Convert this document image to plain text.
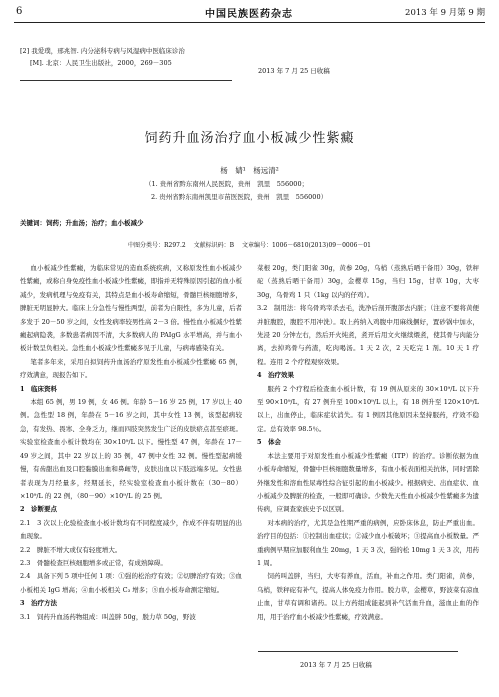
6	中国民族医药杂志	2013 年 9 月第 9 期
[2] 我爱璞，邢兆智. 内分泌科专病与风湿病中医临床诊治
[M]. 北京：人民卫生出版社，2000，269－305
2013 年 7 月 25 日收稿
饲药升血汤治疗血小板减少性紫癜
杨　婧¹　杨远清²
（1. 贵州省黔东南州人民医院，贵州　凯里　556000；
2. 贵州省黔东南州凯里市苗医医院，贵州　凯里　556000）
关键词：饲药；升血汤；治疗；血小板减少
中图分类号：R297.2 文献标识码：B 文章编号：1006－6810(2013)09－0006－01

血小板减少性紫癜，为临床常见的造血系统疾病，又称原发性血小板减少性紫癜，或称自身免疫性血小板减少性紫癜，即指并无特殊原因引起的血小板减少，发病机理与免疫有关，其特点是血小板寿命缩短，骨髓巨核细胞增多，脾脏无明显肿大。临床上分急性与慢性两型，前者为自限性，多为儿童，后者多发于 20－50 岁之间，女性发病率较男性高 2－3 倍。慢性血小板减少性紫癜起病隐袭，多数患者病因不清，大多数病人的 PAIgG 水平增高，并与血小板计数呈负相关。急性血小板减少性紫癜多见于儿童，与病毒感染有关。

笔者多年来，采用自拟饲药升血汤治疗原发性血小板减少性紫癜 65 例，疗效满意，现报告如下。

1　临床资料

本组 65 例，男 19 例，女 46 例。年龄 5－16 岁 25 例，17 岁以上 40 例。急性型 18 例，年龄在 5－16 岁之间，其中女性 13 例，该型起病较急，有发热、畏寒、全身乏力，继而四肢突然发生广泛的皮肤瘀点甚至瘀斑。实验室检查血小板计数均在 30×10⁹/L 以下。慢性型 47 例，年龄在 17－49 岁之间，其中 22 岁以上的 35 例，47 例中女性 32 例。慢性型起病缓慢，有齿龈出血及口腔黏膜出血和鼻衄等，皮肤出血以下肢远端多见。女性患者表现为月经量多，经期延长，经实验室检查血小板计数在（30－80）×10⁹/L 的 22 例，（80－90）×10⁹/L 的 25 例。

2　诊断要点

2.1　3 次以上化验检查血小板计数均有不同程度减少，作成不伴有明显的出血现象。

2.2　脾脏不增大或仅有轻度增大。

2.3　骨髓检查巨核细胞增多或正常，有成熟障碍。

2.4　具备下列 5 项中任何 1 项：①强的松治疗有效；②切脾治疗有效；③血小板相关 IgG 增高；④血小板相关 C₃ 增多；⑤血小板寿命测定缩短。

3　治疗方法

3.1　饲药升血汤药物组成：叫盖胖 50g，脱力草 50g，野波

菜根 20g，类门阳雀 30g，黄参 20g，乌梢（蒸熟后晒干备用）30g，铁秤砣（蒸熟后晒干备用）30g，金樱草 15g，当归 15g，甘草 10g，大枣 30g，乌骨鸡 1 只（1kg 以内的仔鸡）。

3.2　制用法：将乌骨鸡宰杀去毛，洗净后剖开腹部去内脏；（注意不要将黄便并脏腹腔，腹腔不用冲洗）。取上药纳入鸡腹中用麻线捆好，置砂锅中加水，先浸 20 分钟左右，然后开火炖煮，煮开后用文火继续煨煮，使其骨与肉能分离，去掉鸡骨与药渣，吃肉喝汤。1 天 2 次，2 天吃完 1 剂。10 天 1 疗程。连用 2 个疗程观察效果。

4　治疗效果

服药 2 个疗程后检查血小板计数，有 19 例从原来的 30×10⁹/L 以下升至 90×10⁹/L，有 27 例升至 100×10⁹/L 以上，有 18 例升至 120×10⁹/L 以上，出血停止，临床症状消失。有 1 例因其他原因未坚持服药，疗效不稳定。总有效率 98.5％。

5　体会

本法主要用于对原发性血小板减少性紫癜（ITP）的治疗。诊断依据为血小板寿命缩短，骨髓中巨核细胞数量增多，有血小板表面相关抗体，同时需除外继发性和溶血性尿毒性综合征引起的血小板减少。根据病史、出血症状、血小板减少及脾脏的检查，一般即可确诊。少数先天性血小板减少性紫癜多为遗传病，应调查家族史予以区别。

对本病的治疗，尤其是急性期严重的病例，应卧床休息，防止严重出血。治疗目的包括：①控制出血症状；②减少血小板破坏；③提高血小板数量。严重病例早期应加服利血生 20mg，1 天 3 次，强的松 10mg 1 天 3 次，用药 1 周。

饲药叫盖胖，当归，大枣有养血，活血，补血之作用。类门阳雀，黄参，乌梢，铁秤砣有补气，提高人体免疫力作用。脱力草，金樱草，野波菜有凉血止血，甘草有调和诸药。以上方药组成能起到补气活血升血，滋血止血的作用，用于治疗血小板减少性紫癜，疗效满意。

2013 年 7 月 25 日收稿
